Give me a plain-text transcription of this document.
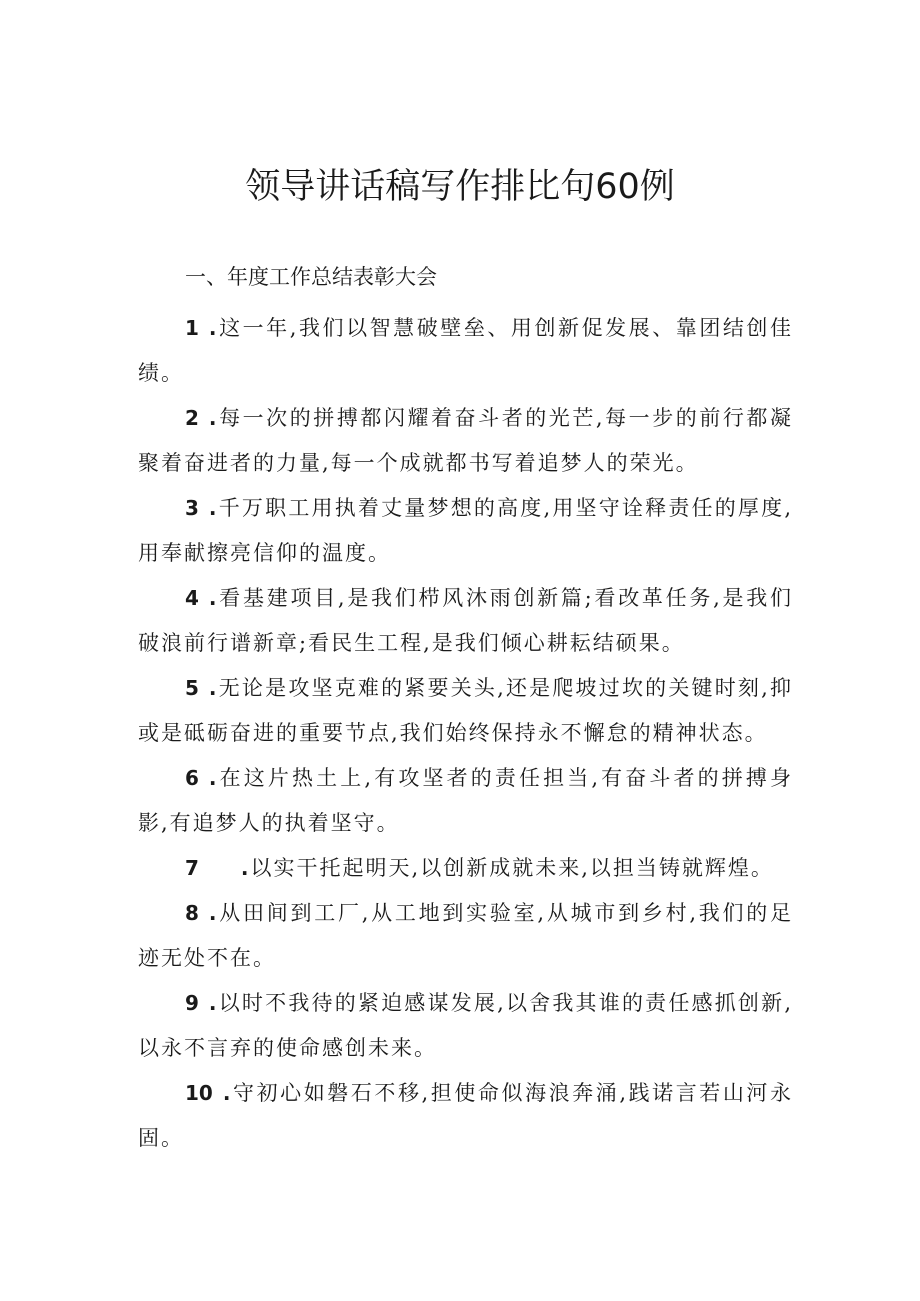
领导讲话稿写作排比句60例
一、年度工作总结表彰大会
1 .这一年,我们以智慧破壁垒、用创新促发展、靠团结创佳绩。
2 .每一次的拼搏都闪耀着奋斗者的光芒,每一步的前行都凝聚着奋进者的力量,每一个成就都书写着追梦人的荣光。
3 .千万职工用执着丈量梦想的高度,用坚守诠释责任的厚度,用奉献擦亮信仰的温度。
4 .看基建项目,是我们栉风沐雨创新篇;看改革任务,是我们破浪前行谱新章;看民生工程,是我们倾心耕耘结硕果。
5 .无论是攻坚克难的紧要关头,还是爬坡过坎的关键时刻,抑或是砥砺奋进的重要节点,我们始终保持永不懈怠的精神状态。
6 .在这片热土上,有攻坚者的责任担当,有奋斗者的拼搏身影,有追梦人的执着坚守。
7 .以实干托起明天,以创新成就未来,以担当铸就辉煌。
8 .从田间到工厂,从工地到实验室,从城市到乡村,我们的足迹无处不在。
9 .以时不我待的紧迫感谋发展,以舍我其谁的责任感抓创新,以永不言弃的使命感创未来。
10 .守初心如磐石不移,担使命似海浪奔涌,践诺言若山河永固。
